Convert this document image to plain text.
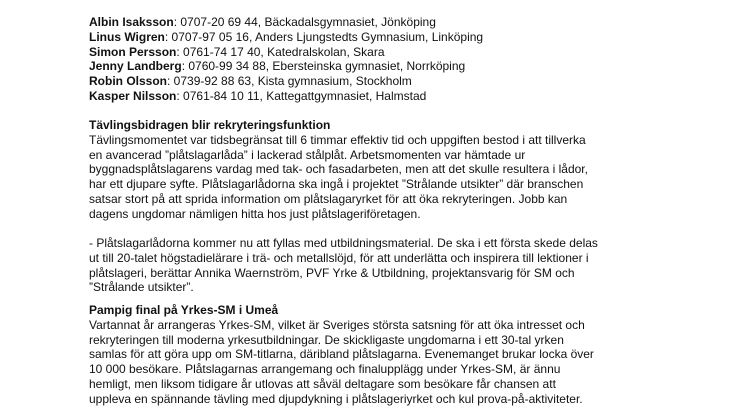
Albin Isaksson: 0707-20 69 44, Bäckadalsgymnasiet, Jönköping
Linus Wigren: 0707-97 05 16, Anders Ljungstedts Gymnasium, Linköping
Simon Persson: 0761-74 17 40, Katedralskolan, Skara
Jenny Landberg: 0760-99 34 88, Ebersteinska gymnasiet, Norrköping
Robin Olsson: 0739-92 88 63, Kista gymnasium, Stockholm
Kasper Nilsson: 0761-84 10 11, Kattegattgymnasiet, Halmstad
Tävlingsbidragen blir rekryteringsfunktion
Tävlingsmomentet var tidsbegränsat till 6 timmar effektiv tid och uppgiften bestod i att tillverka
en avancerad ”plåtslagarlåda” i lackerad stålplåt. Arbetsmomenten var hämtade ur
byggnadsplåtslagarens vardag med tak- och fasadarbeten, men att det skulle resultera i lådor,
har ett djupare syfte. Plåtslagarlådorna ska ingå i projektet ”Strålande utsikter” där branschen
satsar stort på att sprida information om plåtslagaryrket för att öka rekryteringen. Jobb kan
dagens ungdomar nämligen hitta hos just plåtslageriföretagen.
- Plåtslagarlådorna kommer nu att fyllas med utbildningsmaterial. De ska i ett första skede delas
ut till 20-talet högstadielärare i trä- och metallslöjd, för att underlätta och inspirera till lektioner i
plåtslageri, berättar Annika Waernström, PVF Yrke & Utbildning, projektansvarig för SM och
”Strålande utsikter”.
Pampig final på Yrkes-SM i Umeå
Vartannat år arrangeras Yrkes-SM, vilket är Sveriges största satsning för att öka intresset och
rekryteringen till moderna yrkesutbildningar. De skickligaste ungdomarna i ett 30-tal yrken
samlas för att göra upp om SM-titlarna, däribland plåtslagarna. Evenemanget brukar locka över
10 000 besökare. Plåtslagarnas arrangemang och finalupplägg under Yrkes-SM, är ännu
hemligt, men liksom tidigare år utlovas att såväl deltagare som besökare får chansen att
uppleva en spännande tävling med djupdykning i plåtslageriyrket och kul prova-på-aktiviteter.
